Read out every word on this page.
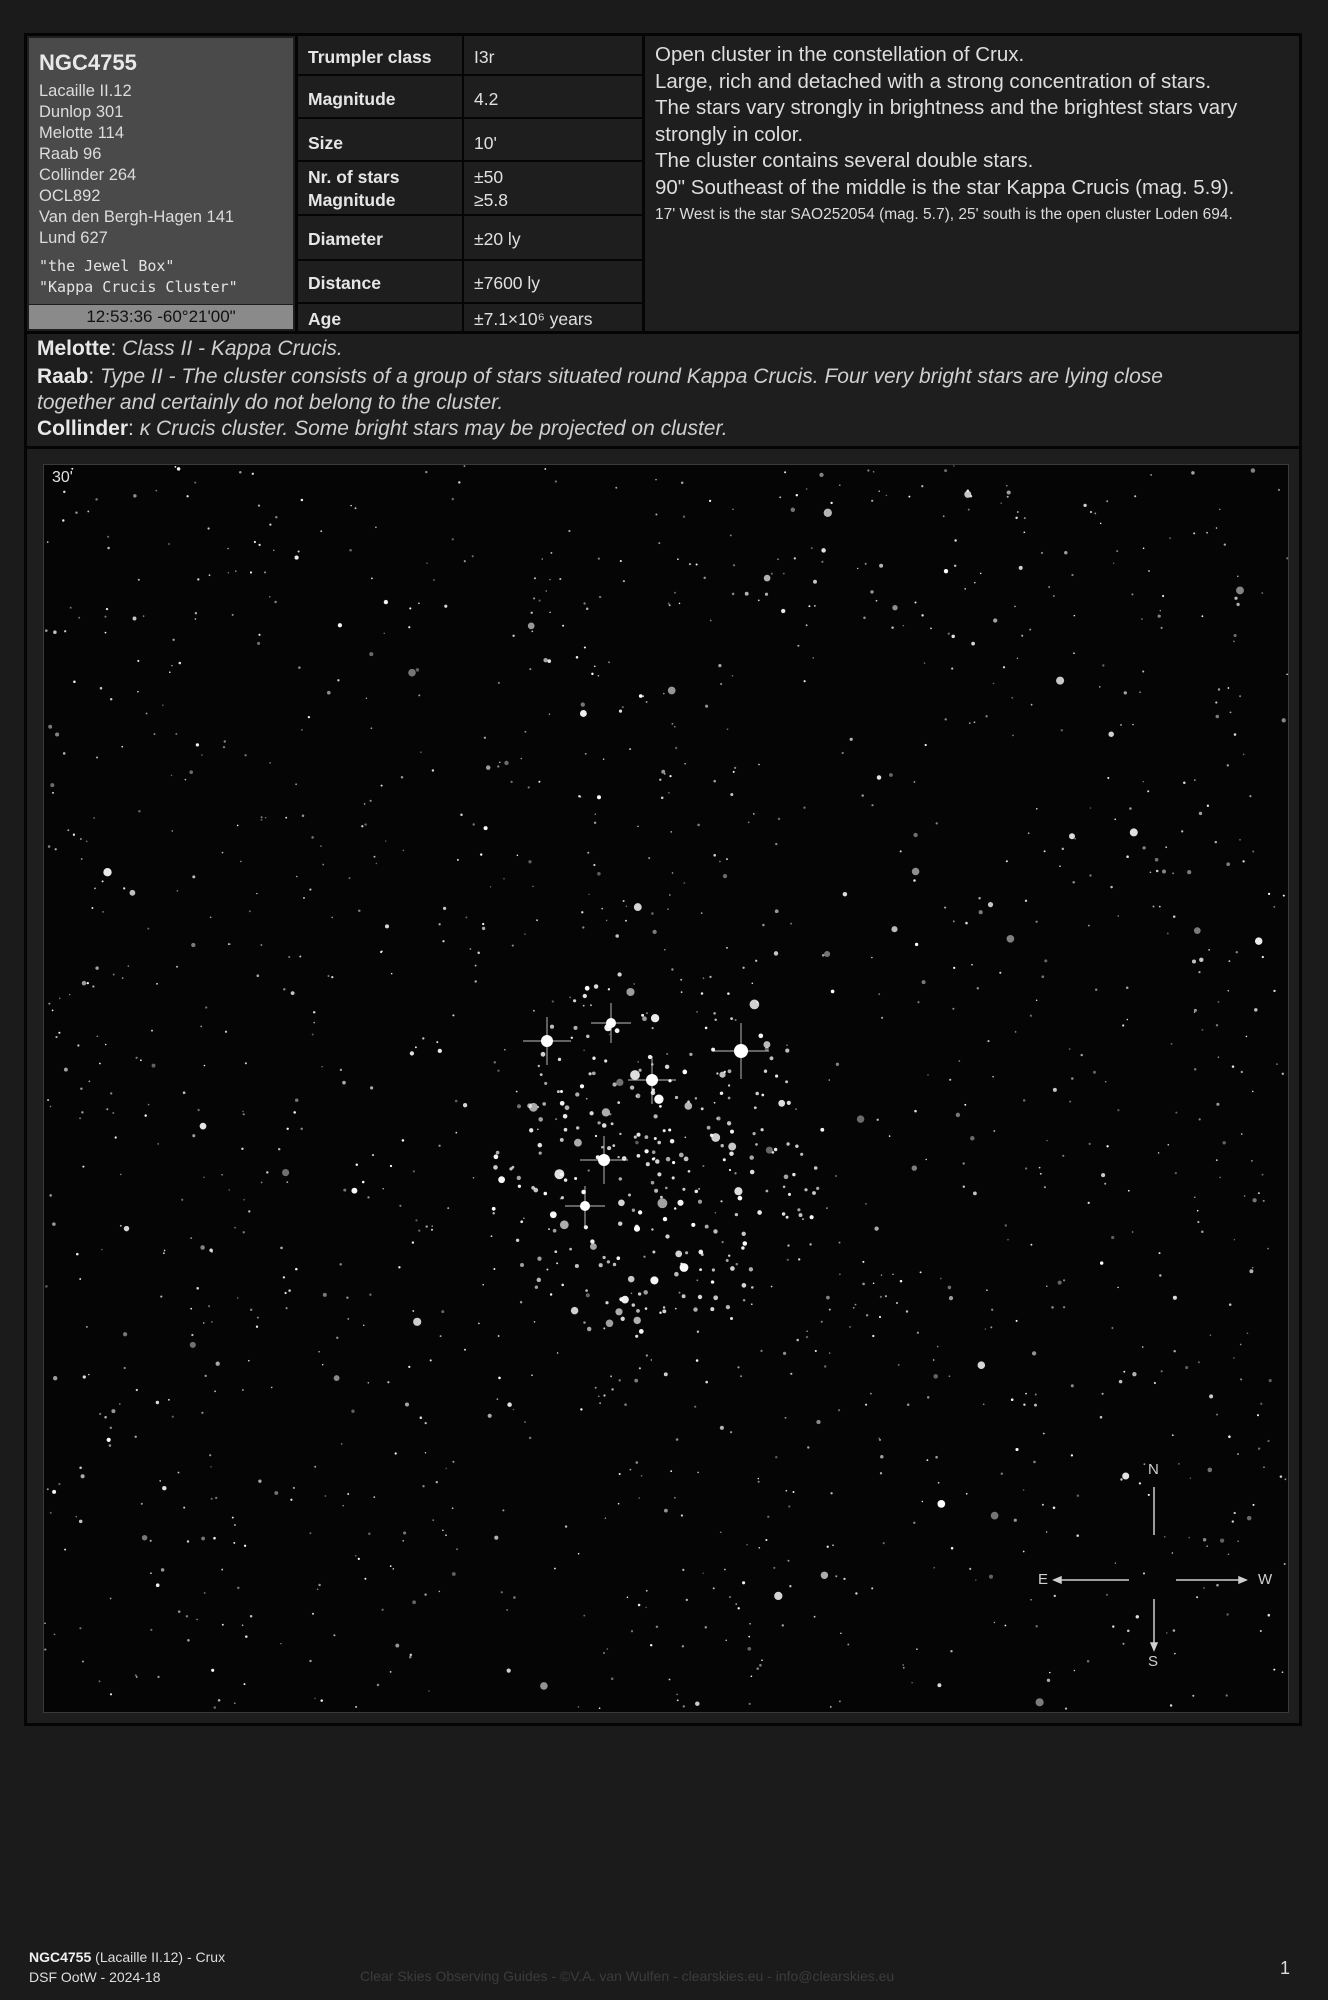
NGC4755
Lacaille II.12
Dunlop 301
Melotte 114
Raab 96
Collinder 264
OCL892
Van den Bergh-Hagen 141
Lund 627
"the Jewel Box"
"Kappa Crucis Cluster"
12:53:36 -60°21'00"
Trumpler class I3r
Magnitude	4.2
Size	10'
Nr. of stars	±50
Magnitude	≥5.8
Diameter	±20 ly
Distance	±7600 ly
Age	±7.1×10⁶ years
Open cluster in the constellation of Crux.
Large, rich and detached with a strong concentration of stars.
The stars vary strongly in brightness and the brightest stars vary
strongly in color.
The cluster contains several double stars.
90" Southeast of the middle is the star Kappa Crucis (mag. 5.9).
17' West is the star SAO252054 (mag. 5.7), 25' south is the open cluster Loden 694.
Melotte: Class II - Kappa Crucis.
Raab: Type II - The cluster consists of a group of stars situated round Kappa Crucis. Four very bright stars are lying close
together and certainly do not belong to the cluster.
Collinder: κ Crucis cluster. Some bright stars may be projected on cluster.
30'
N
S
E	W
NGC4755 (Lacaille II.12) - Crux
DSF OotW - 2024-18	Clear Skies Observing Guides - ©V.A. van Wulfen - clearskies.eu - info@clearskies.eu	1
